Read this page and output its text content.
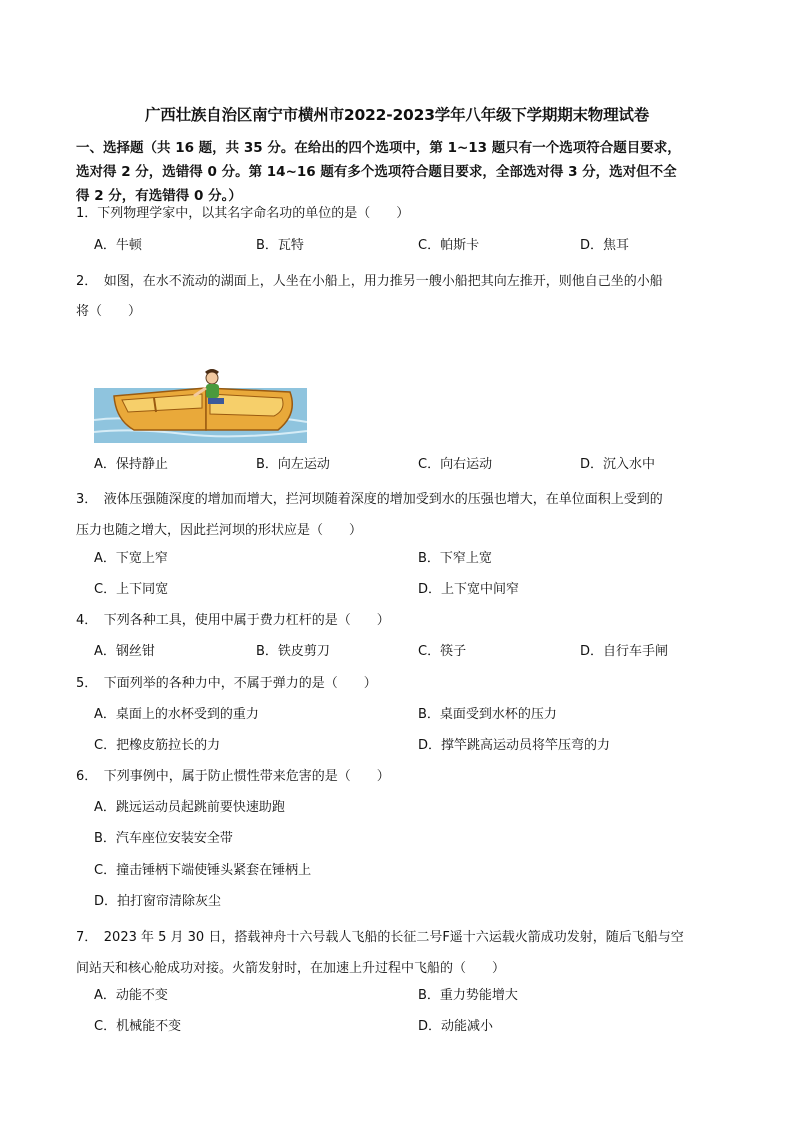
广西壮族自治区南宁市横州市2022-2023学年八年级下学期期末物理试卷
一、选择题（共 16 题，共 35 分。在给出的四个选项中，第 1~13 题只有一个选项符合题目要求，
选对得 2 分，选错得 0 分。第 14~16 题有多个选项符合题目要求，全部选对得 3 分，选对但不全
得 2 分，有选错得 0 分。）
1．下列物理学家中，以其名字命名功的单位的是（　　）
A．牛顿	B．瓦特	C．帕斯卡	D．焦耳
2．　如图，在水不流动的湖面上，人坐在小船上，用力推另一艘小船把其向左推开，则他自己坐的小船
将（　　）
A．保持静止	B．向左运动	C．向右运动	D．沉入水中
3．　液体压强随深度的增加而增大，拦河坝随着深度的增加受到水的压强也增大，在单位面积上受到的
压力也随之增大，因此拦河坝的形状应是（　　）
A．下宽上窄	B．下窄上宽
C．上下同宽	D．上下宽中间窄
4．　下列各种工具，使用中属于费力杠杆的是（　　）
A．钢丝钳	B．铁皮剪刀	C．筷子	D．自行车手闸
5．　下面列举的各种力中，不属于弹力的是（　　）
A．桌面上的水杯受到的重力	B．桌面受到水杯的压力
C．把橡皮筋拉长的力	D．撑竿跳高运动员将竿压弯的力
6．　下列事例中，属于防止惯性带来危害的是（　　）
A．跳远运动员起跳前要快速助跑
B．汽车座位安装安全带
C．撞击锤柄下端使锤头紧套在锤柄上
D．拍打窗帘清除灰尘
7．　2023 年 5 月 30 日，搭载神舟十六号载人飞船的长征二号F遥十六运载火箭成功发射，随后飞船与空
间站天和核心舱成功对接。火箭发射时，在加速上升过程中飞船的（　　）
A．动能不变	B．重力势能增大
C．机械能不变	D．动能减小
